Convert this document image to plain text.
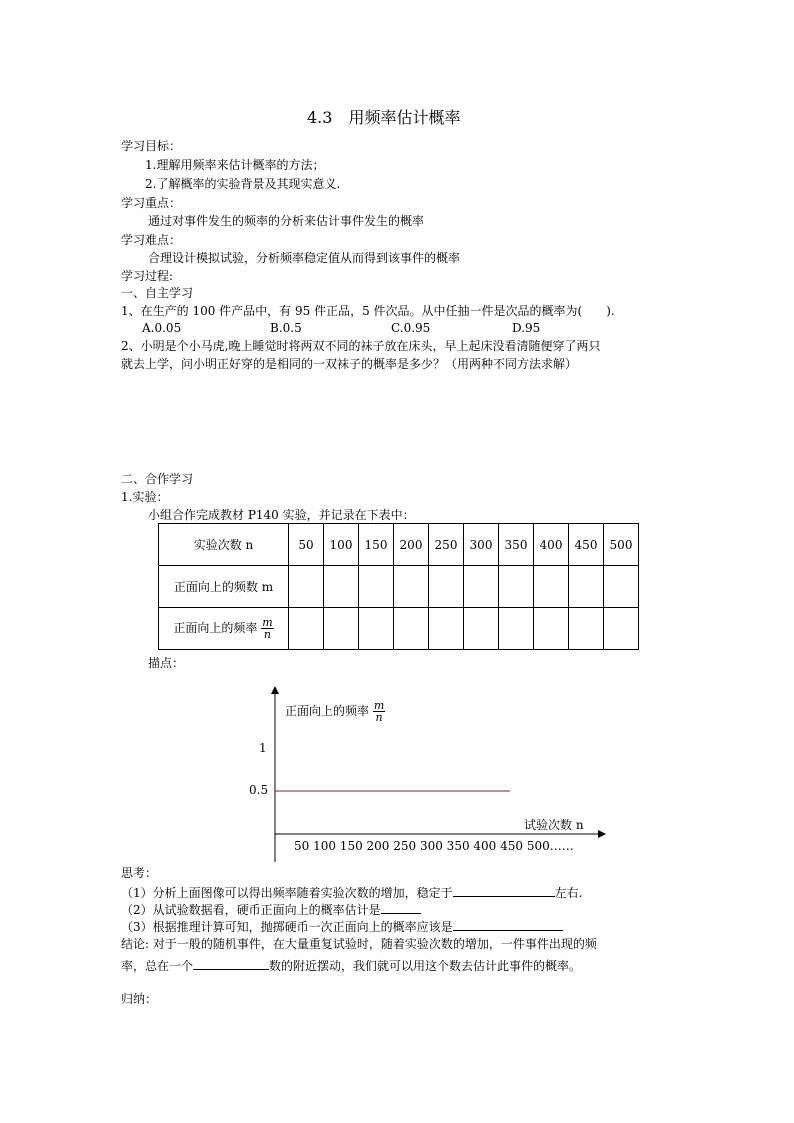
4.3　用频率估计概率
学习目标：
1.理解用频率来估计概率的方法；
2.了解概率的实验背景及其现实意义.
学习重点：
通过对事件发生的频率的分析来估计事件发生的概率
学习难点：
合理设计模拟试验，分析频率稳定值从而得到该事件的概率
学习过程:
一、自主学习
1、在生产的 100 件产品中，有 95 件正品，5 件次品。从中任抽一件是次品的概率为(　　).
A.0.05	B.0.5	C.0.95	D.95
2、小明是个小马虎,晚上睡觉时将两双不同的袜子放在床头，早上起床没看清随便穿了两只
就去上学，问小明正好穿的是相同的一双袜子的概率是多少？（用两种不同方法求解）
二、合作学习
1.实验：
小组合作完成教材 P140 实验，并记录在下表中：
实验次数 n	50	100	150	200	250	300	350	400	450	500
正面向上的频数 m										
正面向上的频率 $\frac{m}{n}$

描点：
正面向上的频率 $\frac{m}{n}$
1
0.5
试验次数 n
50 100 150 200 250 300 350 400 450 500……
思考：
（1）分析上面图像可以得出频率随着实验次数的增加，稳定于	左右.
（2）从试验数据看，硬币正面向上的概率估计是
（3）根据推理计算可知，抛掷硬币一次正面向上的概率应该是
结论: 对于一般的随机事件，在大量重复试验时，随着实验次数的增加，一件事件出现的频
率，总在一个	数的附近摆动，我们就可以用这个数去估计此事件的概率。
归纳：
